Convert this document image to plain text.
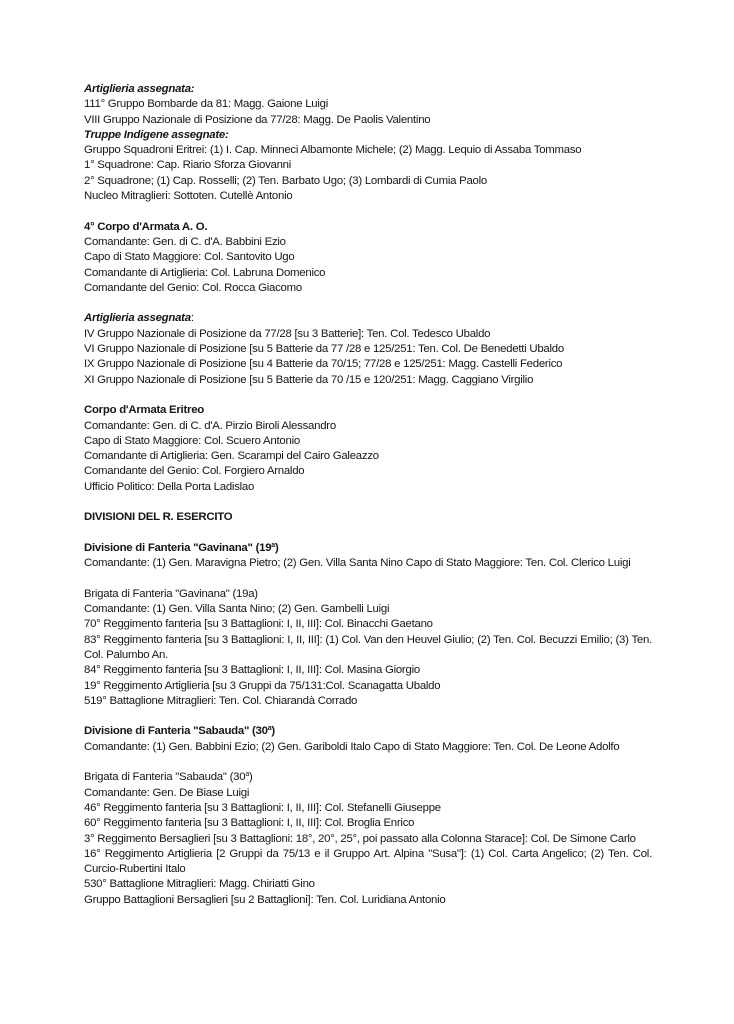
Artiglieria assegnata:
111° Gruppo Bombarde da 81: Magg. Gaione Luigi
VIII Gruppo Nazionale di Posizione da 77/28: Magg. De Paolis Valentino
Truppe Indigene assegnate:
Gruppo Squadroni Eritrei: (1) I. Cap. Minneci Albamonte Michele; (2) Magg. Lequio di Assaba Tommaso
1° Squadrone: Cap. Riario Sforza Giovanni
2° Squadrone; (1) Cap. Rosselli; (2) Ten. Barbato Ugo; (3) Lombardi di Cumia Paolo
Nucleo Mitraglieri: Sottoten. Cutellè Antonio
4° Corpo d'Armata A. O.
Comandante: Gen. di C. d'A. Babbini Ezio
Capo di Stato Maggiore: Col. Santovito Ugo
Comandante di Artiglieria: Col. Labruna Domenico
Comandante del Genio: Col. Rocca Giacomo
Artiglieria assegnata:
IV Gruppo Nazionale di Posizione da 77/28 [su 3 Batterie]: Ten. Col. Tedesco Ubaldo
VI Gruppo Nazionale di Posizione [su 5 Batterie da 77 /28 e 125/251: Ten. Col. De Benedetti Ubaldo
IX Gruppo Nazionale di Posizione [su 4 Batterie da 70/15; 77/28 e 125/251: Magg. Castelli Federico
XI Gruppo Nazionale di Posizione [su 5 Batterie da 70 /15 e 120/251: Magg. Caggiano Virgilio
Corpo d'Armata Eritreo
Comandante: Gen. di C. d'A. Pirzio Biroli Alessandro
Capo di Stato Maggiore: Col. Scuero Antonio
Comandante di Artiglieria: Gen. Scarampi del Cairo Galeazzo
Comandante del Genio: Col. Forgiero Arnaldo
Ufficio Politico: Della Porta Ladislao
DIVISIONI DEL R. ESERCITO
Divisione di Fanteria "Gavinana" (19$^a$)
Comandante: (1) Gen. Maravigna Pietro; (2) Gen. Villa Santa Nino Capo di Stato Maggiore: Ten. Col. Clerico Luigi
Brigata di Fanteria "Gavinana" (19a)
Comandante: (1) Gen. Villa Santa Nino; (2) Gen. Gambelli Luigi
70° Reggimento fanteria [su 3 Battaglioni: I, II, III]: Col. Binacchi Gaetano
83° Reggimento fanteria [su 3 Battaglioni: I, II, III]: (1) Col. Van den Heuvel Giulio; (2) Ten. Col. Becuzzi Emilio; (3) Ten. Col. Palumbo An.
84° Reggimento fanteria [su 3 Battaglioni: I, II, III]: Col. Masina Giorgio
19° Reggimento Artiglieria [su 3 Gruppi da 75/131:Col. Scanagatta Ubaldo
519° Battaglione Mitraglieri: Ten. Col. Chiarandà Corrado
Divisione di Fanteria "Sabauda" (30$^a$)
Comandante: (1) Gen. Babbini Ezio; (2) Gen. Gariboldi Italo Capo di Stato Maggiore: Ten. Col. De Leone Adolfo
Brigata di Fanteria "Sabauda" (30$^a$)
Comandante: Gen. De Biase Luigi
46° Reggimento fanteria [su 3 Battaglioni: I, II, III]: Col. Stefanelli Giuseppe
60° Reggimento fanteria [su 3 Battaglioni: I, II, III]: Col. Broglia Enrico
3° Reggimento Bersaglieri [su 3 Battaglioni: 18°, 20°, 25°, poi passato alla Colonna Starace]: Col. De Simone Carlo
16° Reggimento Artiglieria [2 Gruppi da 75/13 e il Gruppo Art. Alpina "Susa"]: (1) Col. Carta Angelico; (2) Ten. Col. Curcio-Rubertini Italo
530° Battaglione Mitraglieri: Magg. Chiriatti Gino
Gruppo Battaglioni Bersaglieri [su 2 Battaglioni]: Ten. Col. Luridiana Antonio
